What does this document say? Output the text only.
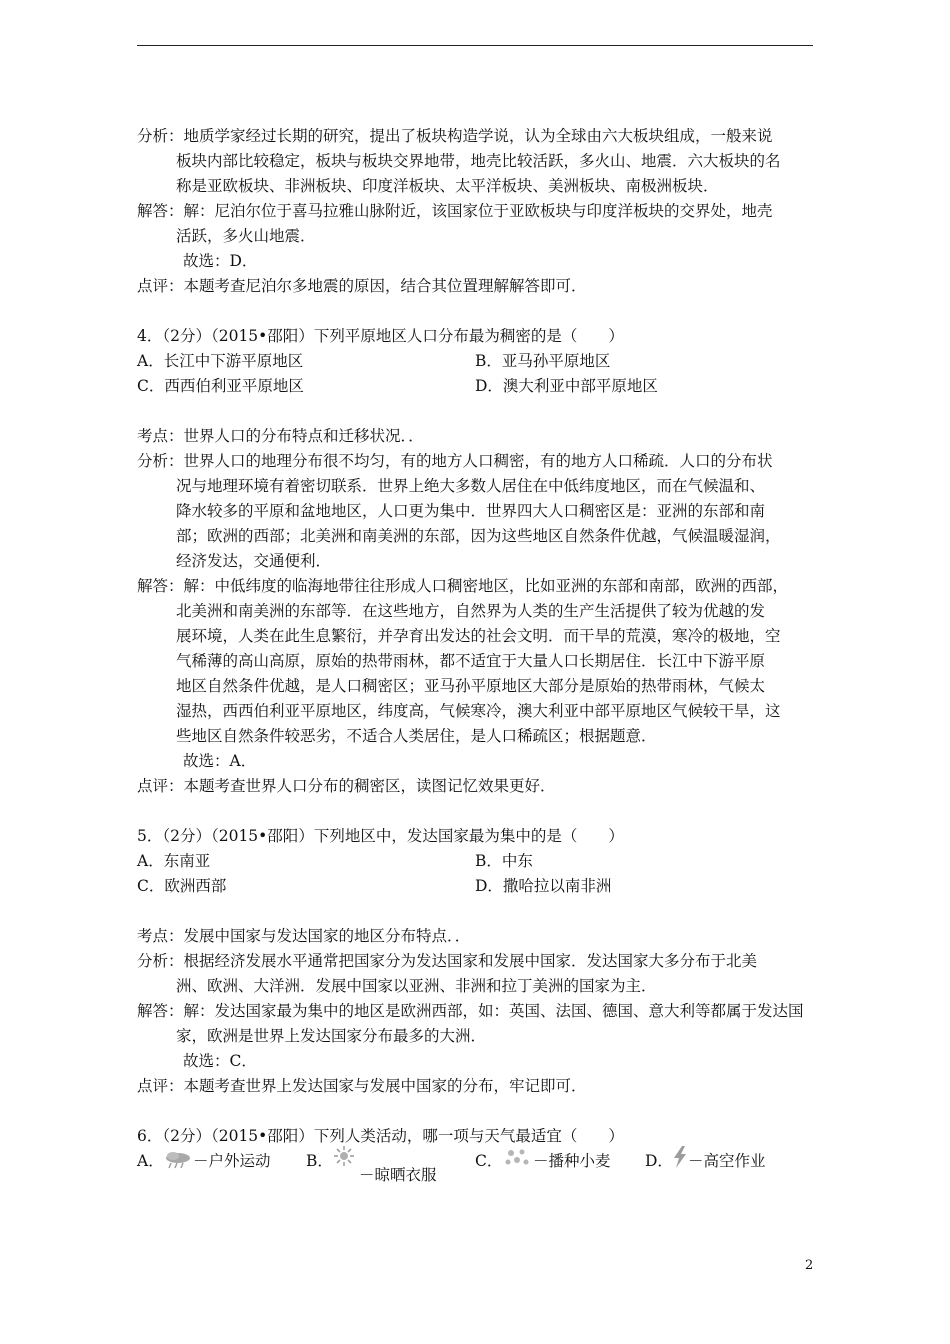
分析：地质学家经过长期的研究，提出了板块构造学说，认为全球由六大板块组成，一般来说
板块内部比较稳定，板块与板块交界地带，地壳比较活跃，多火山、地震．六大板块的名
称是亚欧板块、非洲板块、印度洋板块、太平洋板块、美洲板块、南极洲板块．
解答：解：尼泊尔位于喜马拉雅山脉附近，该国家位于亚欧板块与印度洋板块的交界处，地壳
活跃，多火山地震．
故选：D．
点评：本题考查尼泊尔多地震的原因，结合其位置理解解答即可．
4．（2分）（2015•邵阳）下列平原地区人口分布最为稠密的是（　　）
A．长江中下游平原地区	B．亚马孙平原地区
C．西西伯利亚平原地区	D．澳大利亚中部平原地区
考点：世界人口的分布特点和迁移状况．．
分析：世界人口的地理分布很不均匀，有的地方人口稠密，有的地方人口稀疏．人口的分布状
况与地理环境有着密切联系．世界上绝大多数人居住在中低纬度地区，而在气候温和、
降水较多的平原和盆地地区，人口更为集中．世界四大人口稠密区是：亚洲的东部和南
部；欧洲的西部；北美洲和南美洲的东部，因为这些地区自然条件优越，气候温暖湿润，
经济发达，交通便利．
解答：解：中低纬度的临海地带往往形成人口稠密地区，比如亚洲的东部和南部，欧洲的西部，
北美洲和南美洲的东部等．在这些地方，自然界为人类的生产生活提供了较为优越的发
展环境，人类在此生息繁衍，并孕育出发达的社会文明．而干旱的荒漠，寒冷的极地，空
气稀薄的高山高原，原始的热带雨林，都不适宜于大量人口长期居住．长江中下游平原
地区自然条件优越，是人口稠密区；亚马孙平原地区大部分是原始的热带雨林，气候太
湿热，西西伯利亚平原地区，纬度高，气候寒冷，澳大利亚中部平原地区气候较干旱，这
些地区自然条件较恶劣，不适合人类居住，是人口稀疏区；根据题意．
故选：A．
点评：本题考查世界人口分布的稠密区，读图记忆效果更好．
5．（2分）（2015•邵阳）下列地区中，发达国家最为集中的是（　　）
A．东南亚	B．中东
C．欧洲西部	D．撒哈拉以南非洲
考点：发展中国家与发达国家的地区分布特点．．
分析：根据经济发展水平通常把国家分为发达国家和发展中国家．发达国家大多分布于北美
洲、欧洲、大洋洲．发展中国家以亚洲、非洲和拉丁美洲的国家为主．
解答：解：发达国家最为集中的地区是欧洲西部，如：英国、法国、德国、意大利等都属于发达国
家，欧洲是世界上发达国家分布最多的大洲．
故选：C．
点评：本题考查世界上发达国家与发展中国家的分布，牢记即可．
6．（2分）（2015•邵阳）下列人类活动，哪一项与天气最适宜（　　）
A． －户外运动 B．
－晾晒衣服
C． －播种小麦 D． －高空作业
2
